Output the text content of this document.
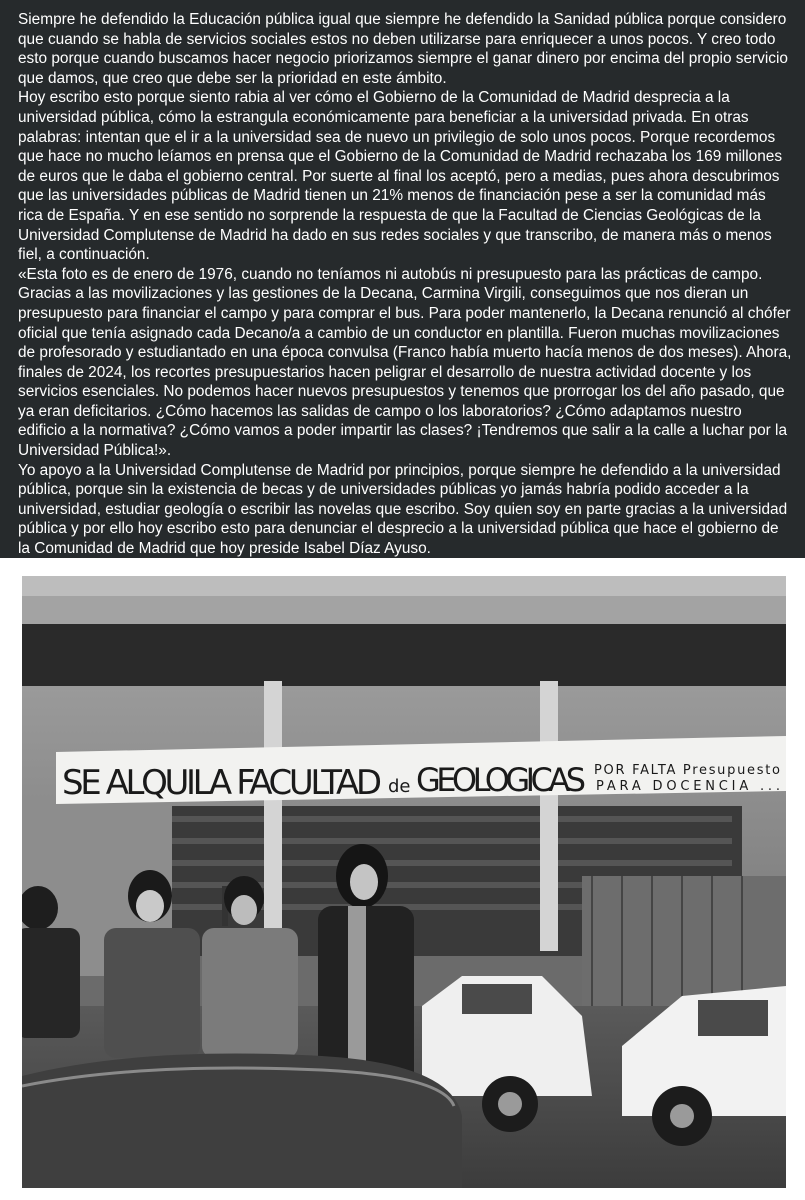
Siempre he defendido la Educación pública igual que siempre he defendido la Sanidad pública porque considero que cuando se habla de servicios sociales estos no deben utilizarse para enriquecer a unos pocos. Y creo todo esto porque cuando buscamos hacer negocio priorizamos siempre el ganar dinero por encima del propio servicio que damos, que creo que debe ser la prioridad en este ámbito.

Hoy escribo esto porque siento rabia al ver cómo el Gobierno de la Comunidad de Madrid desprecia a la universidad pública, cómo la estrangula económicamente para beneficiar a la universidad privada. En otras palabras: intentan que el ir a la universidad sea de nuevo un privilegio de solo unos pocos. Porque recordemos que hace no mucho leíamos en prensa que el Gobierno de la Comunidad de Madrid rechazaba los 169 millones de euros que le daba el gobierno central. Por suerte al final los aceptó, pero a medias, pues ahora descubrimos que las universidades públicas de Madrid tienen un 21% menos de financiación pese a ser la comunidad más rica de España. Y en ese sentido no sorprende la respuesta de que la Facultad de Ciencias Geológicas de la Universidad Complutense de Madrid ha dado en sus redes sociales y que transcribo, de manera más o menos fiel, a continuación.

«Esta foto es de enero de 1976, cuando no teníamos ni autobús ni presupuesto para las prácticas de campo. Gracias a las movilizaciones y las gestiones de la Decana, Carmina Virgili, conseguimos que nos dieran un presupuesto para financiar el campo y para comprar el bus. Para poder mantenerlo, la Decana renunció al chófer oficial que tenía asignado cada Decano/a a cambio de un conductor en plantilla. Fueron muchas movilizaciones de profesorado y estudiantado en una época convulsa (Franco había muerto hacía menos de dos meses). Ahora, finales de 2024, los recortes presupuestarios hacen peligrar el desarrollo de nuestra actividad docente y los servicios esenciales. No podemos hacer nuevos presupuestos y tenemos que prorrogar los del año pasado, que ya eran deficitarios. ¿Cómo hacemos las salidas de campo o los laboratorios? ¿Cómo adaptamos nuestro edificio a la normativa? ¿Cómo vamos a poder impartir las clases? ¡Tendremos que salir a la calle a luchar por la Universidad Pública!».

Yo apoyo a la Universidad Complutense de Madrid por principios, porque siempre he defendido a la universidad pública, porque sin la existencia de becas y de universidades públicas yo jamás habría podido acceder a la universidad, estudiar geología o escribir las novelas que escribo. Soy quien soy en parte gracias a la universidad pública y por ello hoy escribo esto para denunciar el desprecio a la universidad pública que hace el gobierno de la Comunidad de Madrid que hoy preside Isabel Díaz Ayuso.

SE ALQUILA FACULTAD de GEOLOGICAS POR FALTA Presupuesto
PARA DOCENCIA ...
